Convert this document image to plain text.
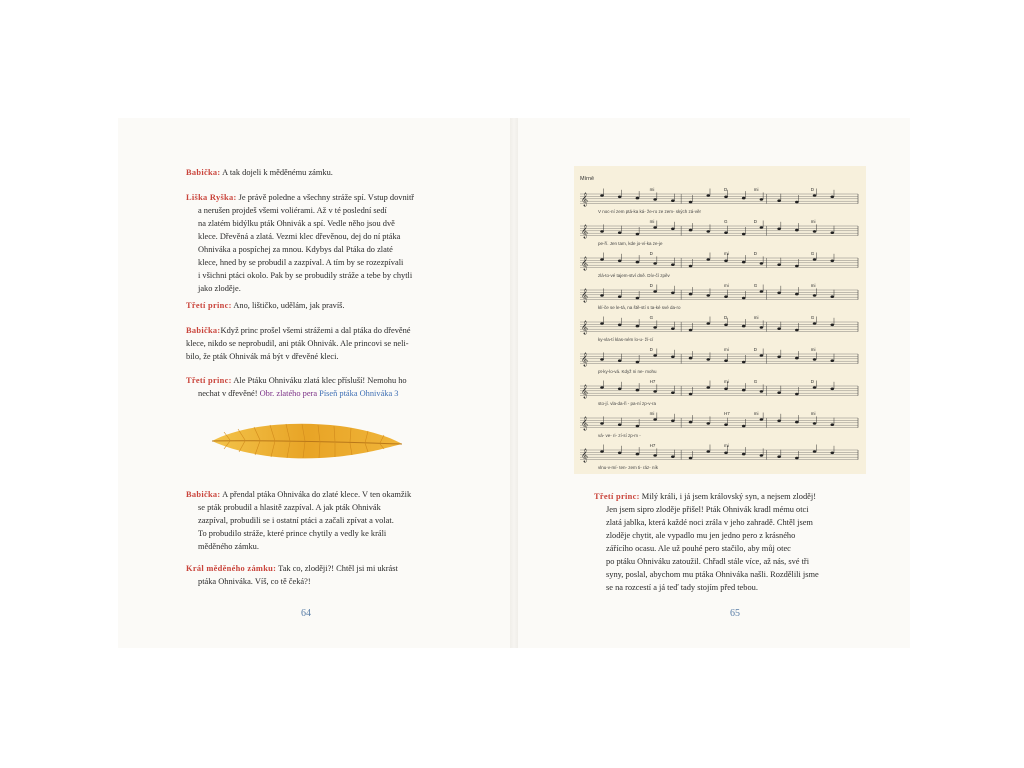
Babička: A tak dojeli k měděnému zámku.
Liška Ryška: Je právě poledne a všechny stráže spí. Vstup dovnitř
a nerušen projdeš všemi voliérami. Až v té poslední sedí
na zlatém bidýlku pták Ohnivák a spí. Vedle něho jsou dvě
klece. Dřevěná a zlatá. Vezmi klec dřevěnou, dej do ní ptáka
Ohniváka a pospíchej za mnou. Kdybys dal Ptáka do zlaté
klece, hned by se probudil a zazpíval. A tím by se rozezpívali
i všichni ptáci okolo. Pak by se probudily stráže a tebe by chytli
jako zloděje.
Třetí princ: Ano, lištičko, udělám, jak pravíš.
Babička:Když princ prošel všemi strážemi a dal ptáka do dřevěné
klece, nikdo se neprobudil, ani pták Ohnivák. Ale princovi se neli-
bilo, že pták Ohnivák má být v dřevěné kleci.
Třetí princ: Ale Ptáku Ohniváku zlatá klec přísluší! Nemohu ho
nechat v dřevěné! Obr. zlatého pera Píseň ptáka Ohniváka 3
Babička: A přendal ptáka Ohniváka do zlaté klece. V ten okamžik
se pták probudil a hlasitě zazpíval. A jak pták Ohnivák
zazpíval, probudili se i ostatní ptáci a začali zpívat a volat.
To probudilo stráže, které prince chytily a vedly ke králi
měděného zámku.
Král měděného zámku: Tak co, zloději?! Chtěl jsi mi ukrást
ptáka Ohniváka. Víš, co tě čeká?!
64
Mírně
𝄞
mi	D	mi	D
V noc-ní zem ptá-ka ká- že-ro ze zem- ských zá-věr
𝄞
mi	G	D	mi
pe-ří. Jen tam, kde jo-ví-ka ze-je
𝄞
D	mi	D	G
zlá-to-vé tajem-ství dně. Dív-čí zpěv
𝄞
D	mi	G	mi
klí-če se le-tá, na ště-stí s ta-ké své da-ro
𝄞
G	D	mi	G
ky-vla-tí klas-ném lo-u- ží-cí
𝄞
D	mi	D	mi
pt-ky-lo-vá. Když ni ne- mohu
𝄞
H7	mi	G	D
sto-jí. vla-da-ři - pa-ní zp-v-ra
𝄞
mi	H7	mi	mi
vá- ve- ri- zí-sí zp-m -
𝄞
H7	mi
vlnu-v-mí- ten- zem ti- ráz- ník
Třetí princ: Milý králi, i já jsem královský syn, a nejsem zloděj!
Jen jsem sipro zloděje přišel! Pták Ohnivák kradl mému otci
zlatá jablka, která každé noci zrála v jeho zahradě. Chtěl jsem
zloděje chytit, ale vypadlo mu jen jedno pero z krásného
zářícího ocasu. Ale už pouhé pero stačilo, aby můj otec
po ptáku Ohniváku zatoužil. Chřadl stále více, až nás, své tři
syny, poslal, abychom mu ptáka Ohniváka našli. Rozdělili jsme
se na rozcestí a já teď tady stojím před tebou.
65
